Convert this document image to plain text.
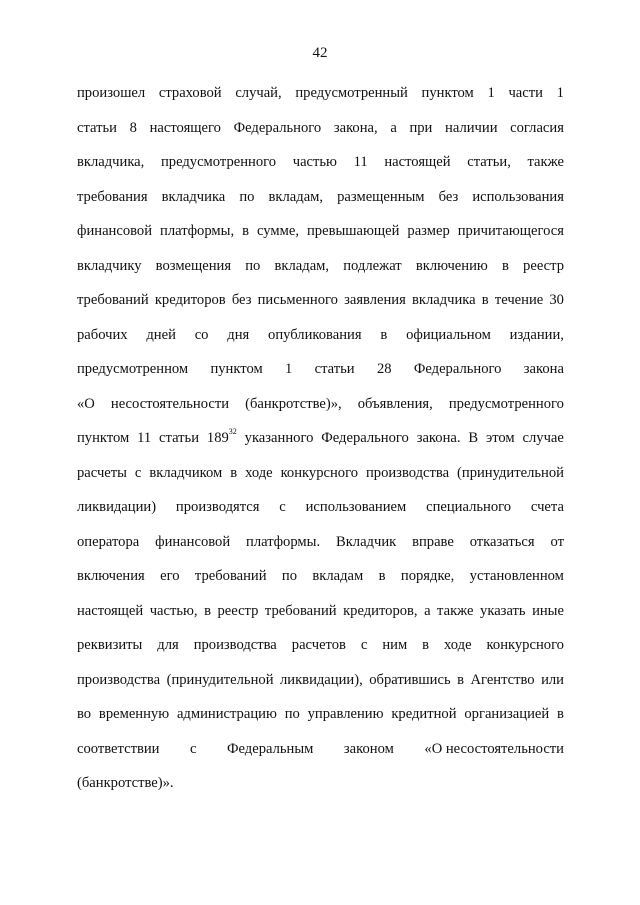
42
произошел страховой случай, предусмотренный пунктом 1 части 1
статьи 8 настоящего Федерального закона, а при наличии согласия
вкладчика, предусмотренного частью 11 настоящей статьи, также
требования вкладчика по вкладам, размещенным без использования
финансовой платформы, в сумме, превышающей размер причитающегося
вкладчику возмещения по вкладам, подлежат включению в реестр
требований кредиторов без письменного заявления вкладчика в течение 30
рабочих дней со дня опубликования в официальном издании,
предусмотренном пунктом 1 статьи 28 Федерального закона
«О несостоятельности (банкротстве)», объявления, предусмотренного
пунктом 11 статьи $189^{32}$ указанного Федерального закона. В этом случае
расчеты с вкладчиком в ходе конкурсного производства (принудительной
ликвидации) производятся с использованием специального счета
оператора финансовой платформы. Вкладчик вправе отказаться от
включения его требований по вкладам в порядке, установленном
настоящей частью, в реестр требований кредиторов, а также указать иные
реквизиты для производства расчетов с ним в ходе конкурсного
производства (принудительной ликвидации), обратившись в Агентство или
во временную администрацию по управлению кредитной организацией в
соответствии с Федеральным законом «О несостоятельности
(банкротстве)».
